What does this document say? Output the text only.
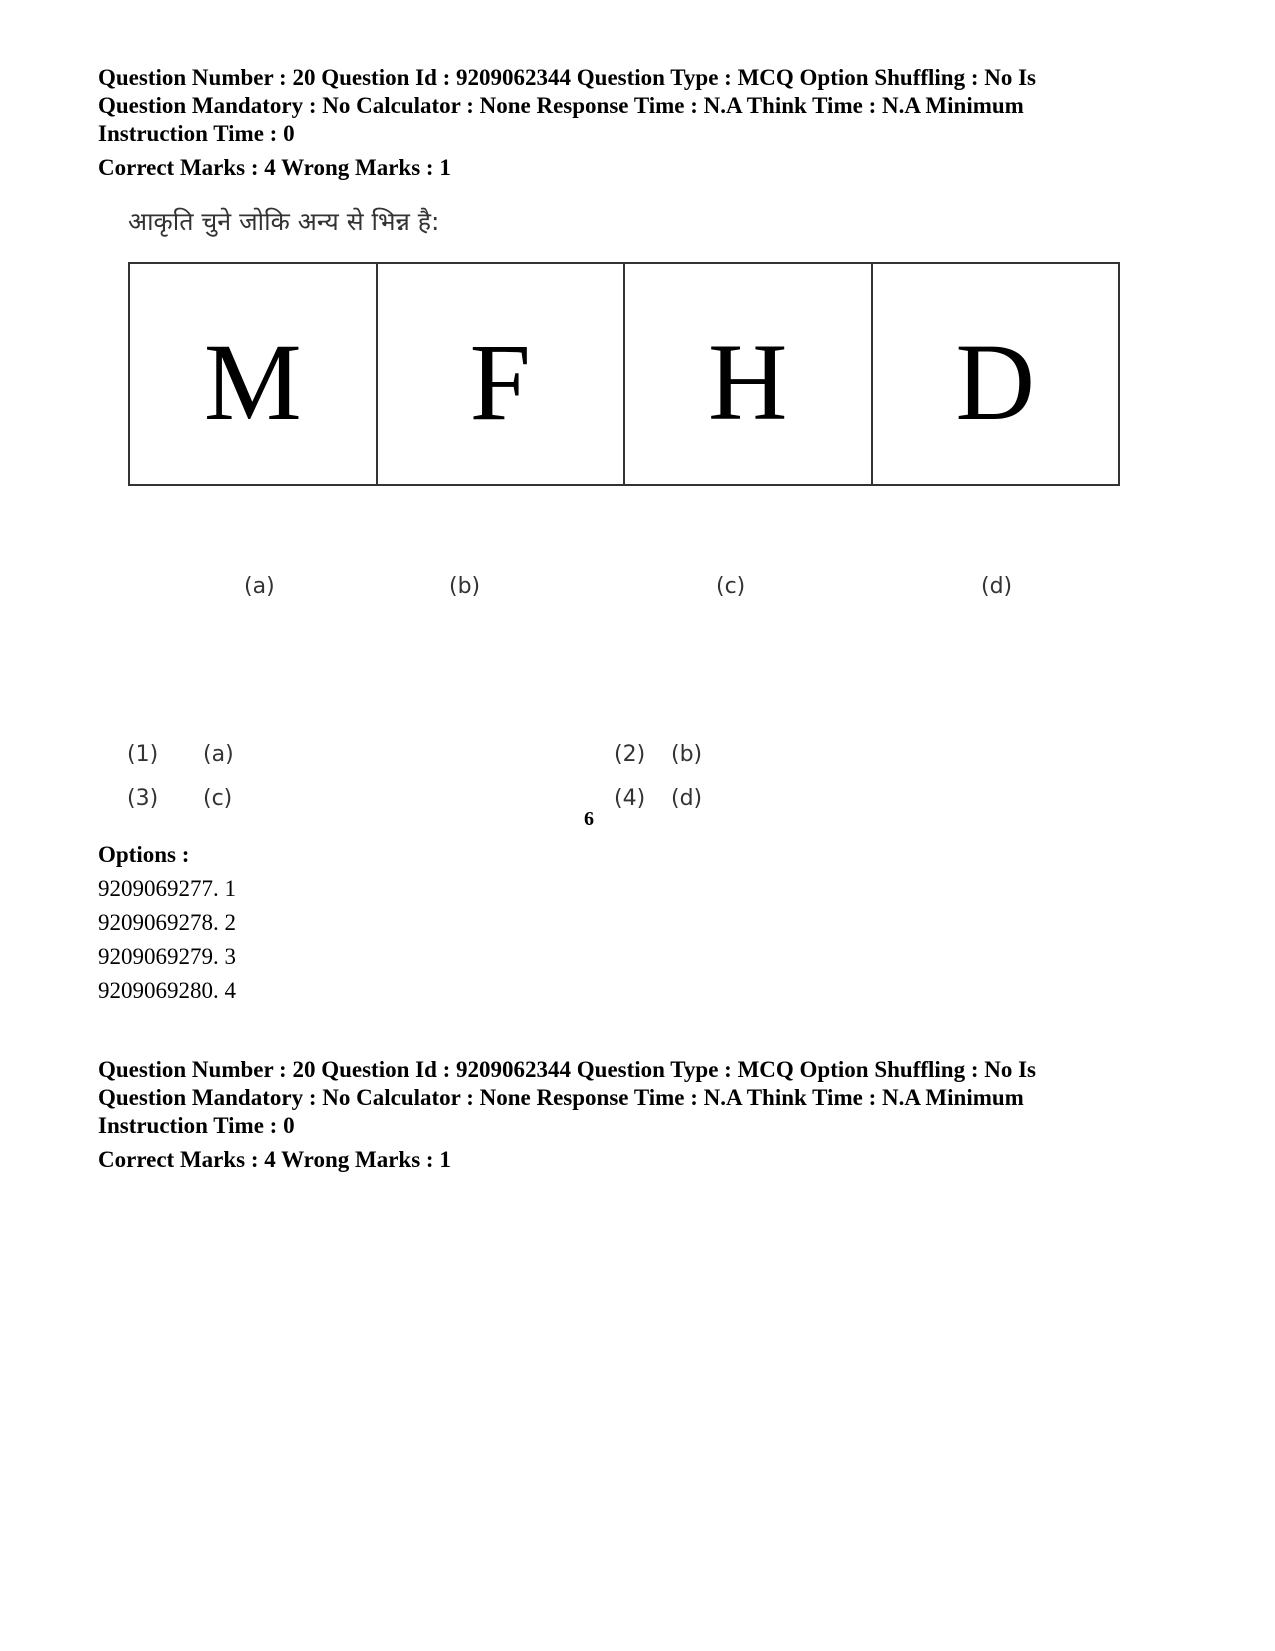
Question Number : 20 Question Id : 9209062344 Question Type : MCQ Option Shuffling : No Is
Question Mandatory : No Calculator : None Response Time : N.A Think Time : N.A Minimum
Instruction Time : 0
Correct Marks : 4 Wrong Marks : 1
आकृति चुने जोकि अन्य से भिन्न है:
M F H D
(a)	(b)	(c)	(d)
(1) (a)	(2) (b)
(3) (c)	(4) (d)
6
Options :
9209069277. 1
9209069278. 2
9209069279. 3
9209069280. 4
Question Number : 20 Question Id : 9209062344 Question Type : MCQ Option Shuffling : No Is
Question Mandatory : No Calculator : None Response Time : N.A Think Time : N.A Minimum
Instruction Time : 0
Correct Marks : 4 Wrong Marks : 1
